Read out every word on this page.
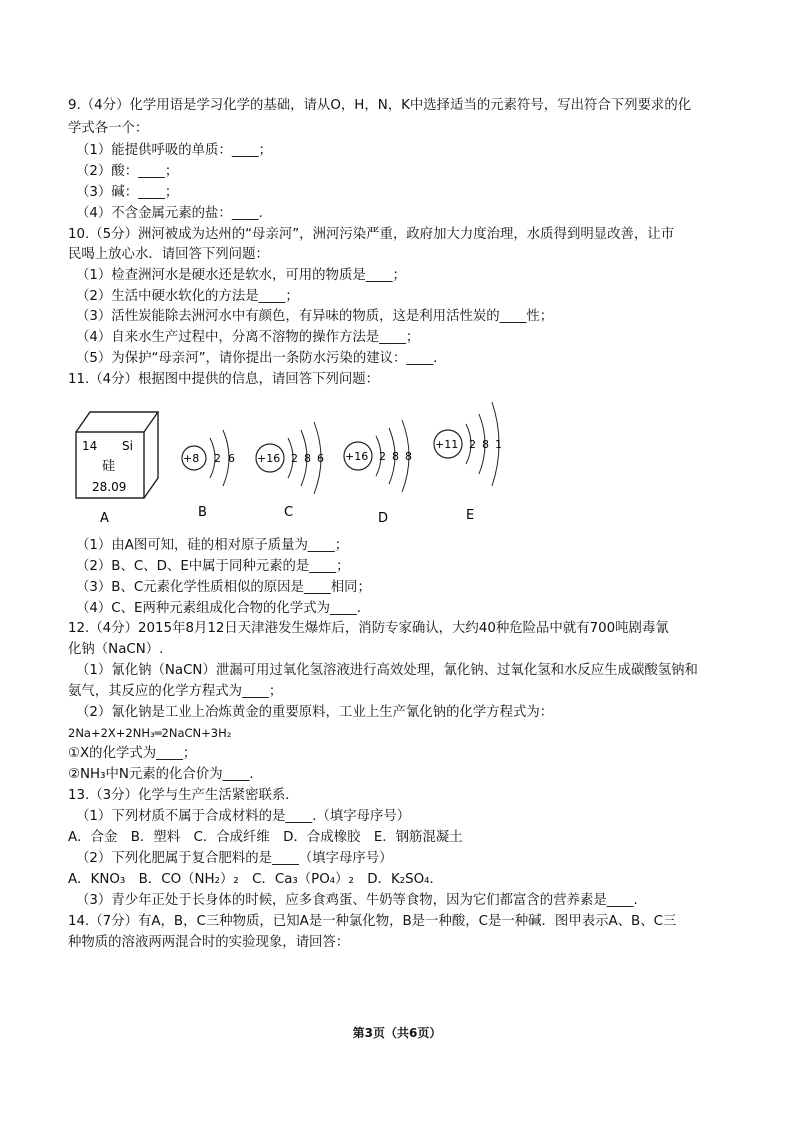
9.（4分）化学用语是学习化学的基础，请从O，H，N，K中选择适当的元素符号，写出符合下列要求的化
学式各一个：
（1）能提供呼吸的单质：____；
（2）酸：____；
（3）碱：____；
（4）不含金属元素的盐：____.
10.（5分）洲河被成为达州的“母亲河”，洲河污染严重，政府加大力度治理，水质得到明显改善，让市
民喝上放心水．请回答下列问题：
（1）检查洲河水是硬水还是软水，可用的物质是____；
（2）生活中硬水软化的方法是____；
（3）活性炭能除去洲河水中有颜色，有异味的物质，这是利用活性炭的____性；
（4）自来水生产过程中，分离不溶物的操作方法是____；
（5）为保护“母亲河”，请你提出一条防水污染的建议：____.
11.（4分）根据图中提供的信息，请回答下列问题：
14 Si
硅
28.09
A
+8 2 6
B
+16 2 8 6
C
+16 2 8 8
D
+11 2 8 1
E
（1）由A图可知，硅的相对原子质量为____；
（2）B、C、D、E中属于同种元素的是____；
（3）B、C元素化学性质相似的原因是____相同；
（4）C、E两种元素组成化合物的化学式为____.
12.（4分）2015年8月12日天津港发生爆炸后，消防专家确认，大约40种危险品中就有700吨剧毒氰
化钠（NaCN）.
（1）氰化钠（NaCN）泄漏可用过氧化氢溶液进行高效处理，氰化钠、过氧化氢和水反应生成碳酸氢钠和
氨气，其反应的化学方程式为____；
（2）氰化钠是工业上冶炼黄金的重要原料，工业上生产氰化钠的化学方程式为：
2Na+2X+2NH₃═2NaCN+3H₂
①X的化学式为____；
②NH₃中N元素的化合价为____.
13.（3分）化学与生产生活紧密联系．
（1）下列材质不属于合成材料的是____.（填字母序号）
A．合金　B．塑料　C．合成纤维　D．合成橡胶　E．钢筋混凝土
（2）下列化肥属于复合肥料的是____（填字母序号）
A．KNO₃　B．CO（NH₂）₂　C．Ca₃（PO₄）₂　D．K₂SO₄．
（3）青少年正处于长身体的时候，应多食鸡蛋、牛奶等食物，因为它们都富含的营养素是____.
14.（7分）有A，B，C三种物质，已知A是一种氯化物，B是一种酸，C是一种碱．图甲表示A、B、C三
种物质的溶液两两混合时的实验现象，请回答：
第3页（共6页）
